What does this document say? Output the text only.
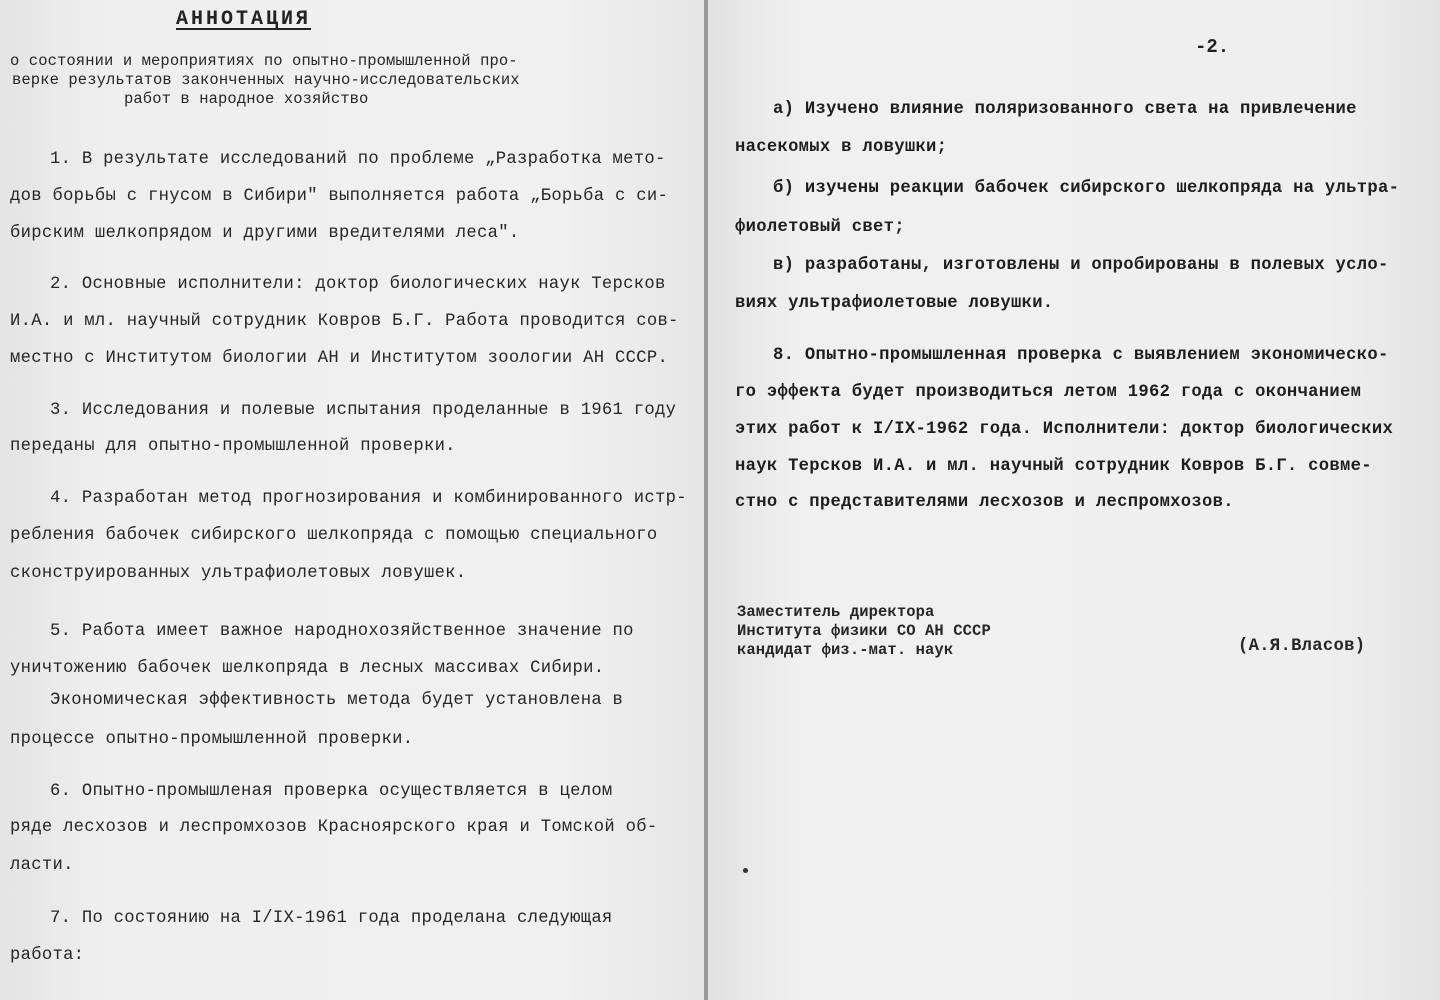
АННОТАЦИЯ
о состоянии и мероприятиях по опытно-промышленной про-
верке результатов законченных научно-исследовательских
работ в народное хозяйство
1. В результате исследований по проблеме „Разработка мето-
дов борьбы с гнусом в Сибири" выполняется работа „Борьба с си-
бирским шелкопрядом и другими вредителями леса".
2. Основные исполнители: доктор биологических наук Терсков
И.А. и мл. научный сотрудник Ковров Б.Г. Работа проводится сов-
местно с Институтом биологии АН и Институтом зоологии АН СССР.
3. Исследования и полевые испытания проделанные в 1961 году
переданы для опытно-промышленной проверки.
4. Разработан метод прогнозирования и комбинированного истр-
ребления бабочек сибирского шелкопряда с помощью специального
сконструированных ультрафиолетовых ловушек.
5. Работа имеет важное народнохозяйственное значение по
уничтожению бабочек шелкопряда в лесных массивах Сибири.
Экономическая эффективность метода будет установлена в
процессе опытно-промышленной проверки.
6. Опытно-промышленая проверка осуществляется в целом
ряде лесхозов и леспромхозов Красноярского края и Томской об-
ласти.
7. По состоянию на I/IX-1961 года проделана следующая
работа:
-2.
а) Изучено влияние поляризованного света на привлечение
насекомых в ловушки;
б) изучены реакции бабочек сибирского шелкопряда на ультра-
фиолетовый свет;
в) разработаны, изготовлены и опробированы в полевых усло-
виях ультрафиолетовые ловушки.
8. Опытно-промышленная проверка с выявлением экономическо-
го эффекта будет производиться летом 1962 года с окончанием
этих работ к I/IX-1962 года. Исполнители: доктор биологических
наук Терсков И.А. и мл. научный сотрудник Ковров Б.Г. совме-
стно с представителями лесхозов и леспромхозов.
Заместитель директора
Института физики СО АН СССР
кандидат физ.-мат. наук	(А.Я.Власов)
